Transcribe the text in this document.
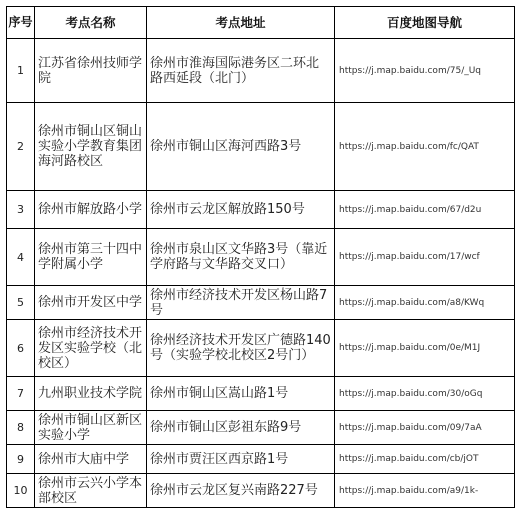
序号	考点名称	考点地址	百度地图导航
1	江苏省徐州技师学院	徐州市淮海国际港务区二环北路西延段（北门）	https://j.map.baidu.com/75/_Uq
2	徐州市铜山区铜山实验小学教育集团海河路校区	徐州市铜山区海河西路3号	https://j.map.baidu.com/fc/QAT
3	徐州市解放路小学	徐州市云龙区解放路150号	https://j.map.baidu.com/67/d2u
4	徐州市第三十四中学附属小学	徐州市泉山区文华路3号（靠近学府路与文华路交叉口）	https://j.map.baidu.com/17/wcf
5	徐州市开发区中学	徐州市经济技术开发区杨山路7号	https://j.map.baidu.com/a8/KWq
6	徐州市经济技术开发区实验学校（北校区）	徐州经济技术开发区广德路140号（实验学校北校区2号门）	https://j.map.baidu.com/0e/M1J
7	九州职业技术学院	徐州市铜山区嵩山路1号	https://j.map.baidu.com/30/oGq
8	徐州市铜山区新区实验小学	徐州市铜山区彭祖东路9号	https://j.map.baidu.com/09/7aA
9	徐州市大庙中学	徐州市贾汪区西京路1号	https://j.map.baidu.com/cb/jOT
10	徐州市云兴小学本部校区	徐州市云龙区复兴南路227号	https://j.map.baidu.com/a9/1k-
